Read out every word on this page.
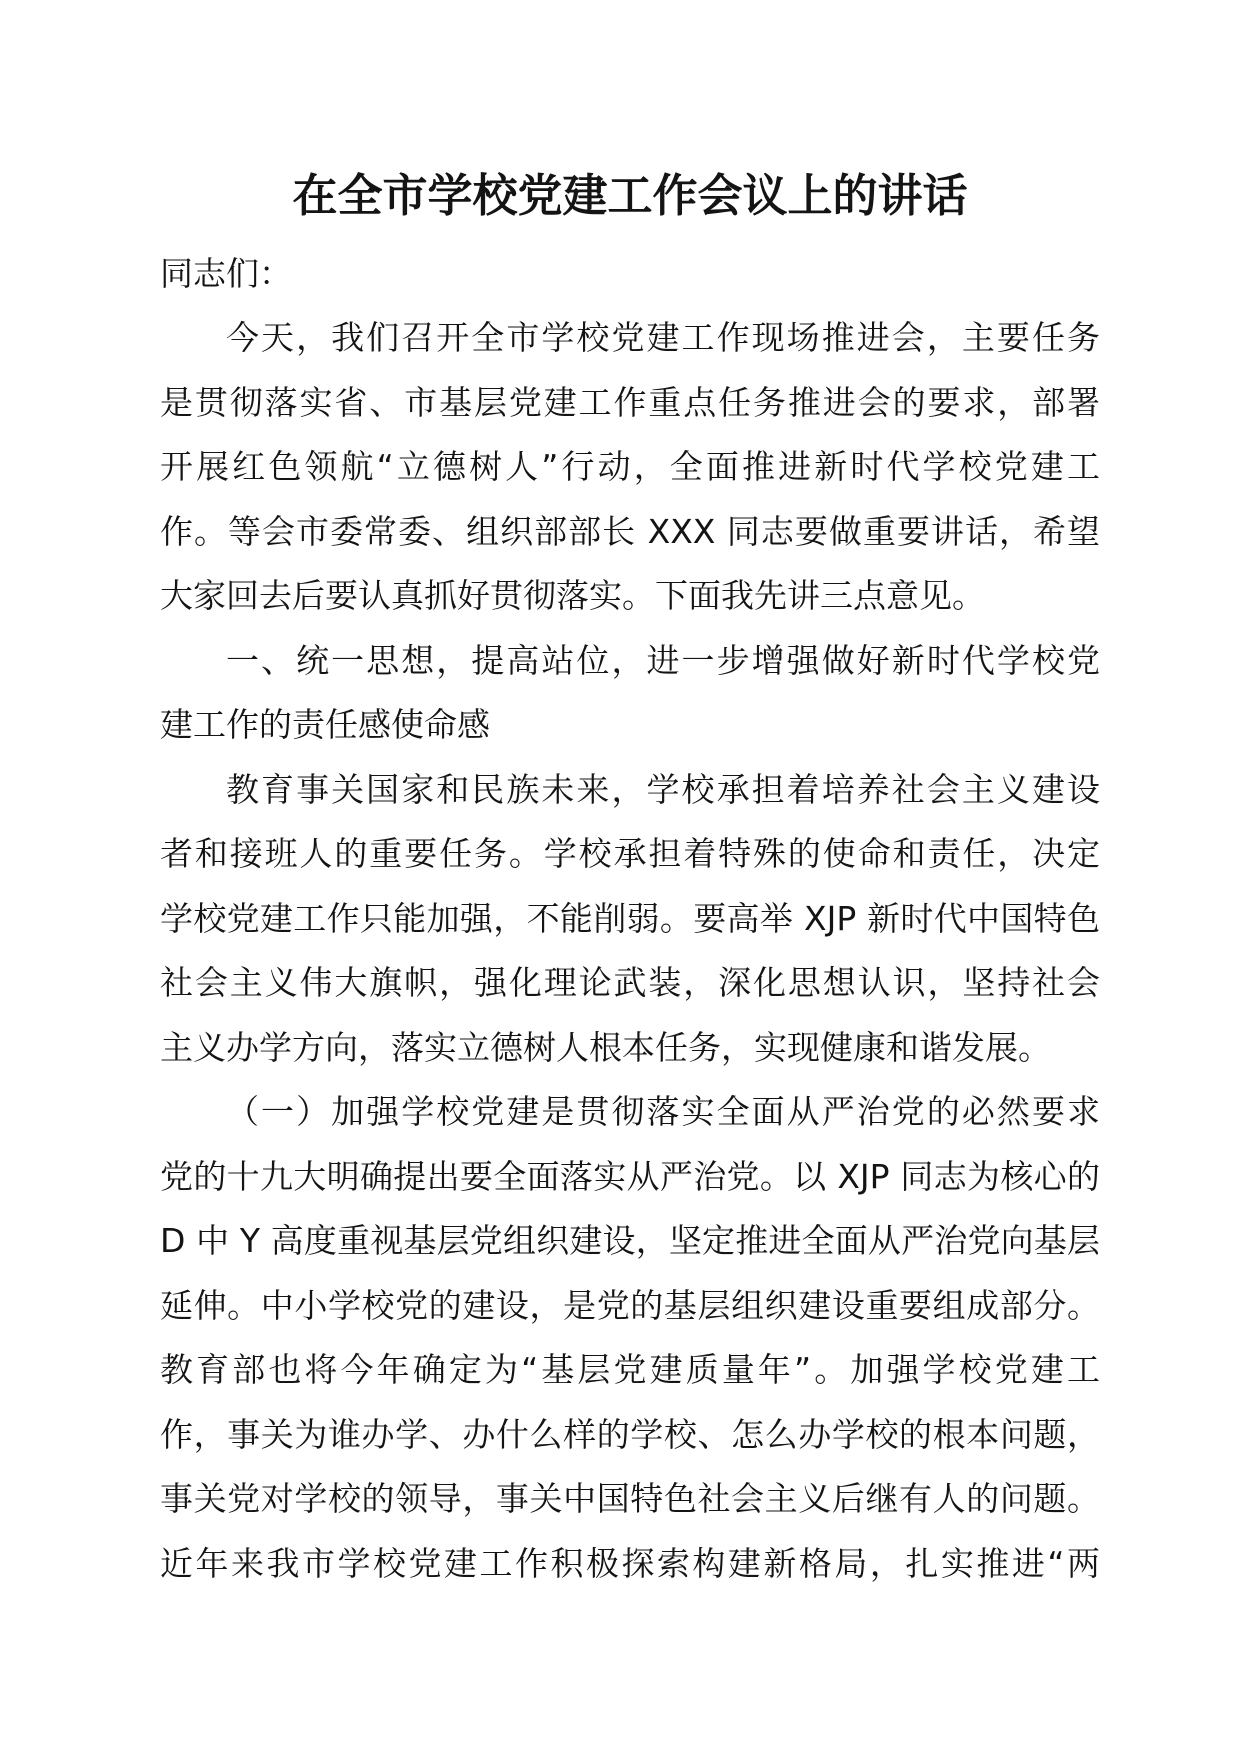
在全市学校党建工作会议上的讲话

同志们：

今天，我们召开全市学校党建工作现场推进会，主要任务
是贯彻落实省、市基层党建工作重点任务推进会的要求，部署
开展红色领航“立德树人”行动，全面推进新时代学校党建工
作。等会市委常委、组织部部长 XXX 同志要做重要讲话，希望
大家回去后要认真抓好贯彻落实。下面我先讲三点意见。

一、统一思想，提高站位，进一步增强做好新时代学校党
建工作的责任感使命感

教育事关国家和民族未来，学校承担着培养社会主义建设
者和接班人的重要任务。学校承担着特殊的使命和责任，决定
学校党建工作只能加强，不能削弱。要高举 XJP 新时代中国特色
社会主义伟大旗帜，强化理论武装，深化思想认识，坚持社会
主义办学方向，落实立德树人根本任务，实现健康和谐发展。

（一）加强学校党建是贯彻落实全面从严治党的必然要求
党的十九大明确提出要全面落实从严治党。以 XJP 同志为核心的
D 中 Y 高度重视基层党组织建设，坚定推进全面从严治党向基层
延伸。中小学校党的建设，是党的基层组织建设重要组成部分。
教育部也将今年确定为“基层党建质量年”。加强学校党建工
作，事关为谁办学、办什么样的学校、怎么办学校的根本问题，
事关党对学校的领导，事关中国特色社会主义后继有人的问题。
近年来我市学校党建工作积极探索构建新格局，扎实推进“两
